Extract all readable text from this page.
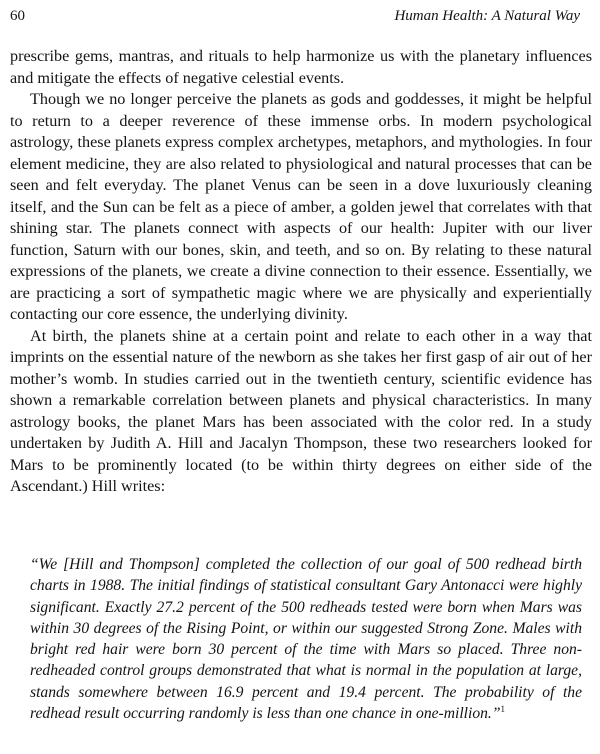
60	Human Health: A Natural Way

prescribe gems, mantras, and rituals to help harmonize us with the planetary influences and mitigate the effects of negative celestial events.

Though we no longer perceive the planets as gods and goddesses, it might be helpful to return to a deeper reverence of these immense orbs. In modern psychological astrology, these planets express complex archetypes, metaphors, and mythologies. In four element medicine, they are also related to physiological and natural processes that can be seen and felt everyday. The planet Venus can be seen in a dove luxuriously cleaning itself, and the Sun can be felt as a piece of amber, a golden jewel that correlates with that shining star. The planets connect with aspects of our health: Jupiter with our liver function, Saturn with our bones, skin, and teeth, and so on. By relating to these natural expressions of the planets, we create a divine connection to their essence. Essentially, we are practicing a sort of sympathetic magic where we are physically and experientially contacting our core essence, the underlying divinity.

At birth, the planets shine at a certain point and relate to each other in a way that imprints on the essential nature of the newborn as she takes her first gasp of air out of her mother’s womb. In studies carried out in the twentieth century, scientific evidence has shown a remarkable correlation between planets and physical characteristics. In many astrology books, the planet Mars has been associated with the color red. In a study undertaken by Judith A. Hill and Jacalyn Thompson, these two researchers looked for Mars to be prominently located (to be within thirty degrees on either side of the Ascendant.) Hill writes:

“We [Hill and Thompson] completed the collection of our goal of 500 redhead birth charts in 1988. The initial findings of statistical consultant Gary Antonacci were highly significant. Exactly 27.2 percent of the 500 redheads tested were born when Mars was within 30 degrees of the Rising Point, or within our suggested Strong Zone. Males with bright red hair were born 30 percent of the time with Mars so placed. Three non-redheaded control groups demonstrated that what is normal in the population at large, stands somewhere between 16.9 percent and 19.4 percent. The probability of the redhead result occurring randomly is less than one chance in one-million.”$^1$
